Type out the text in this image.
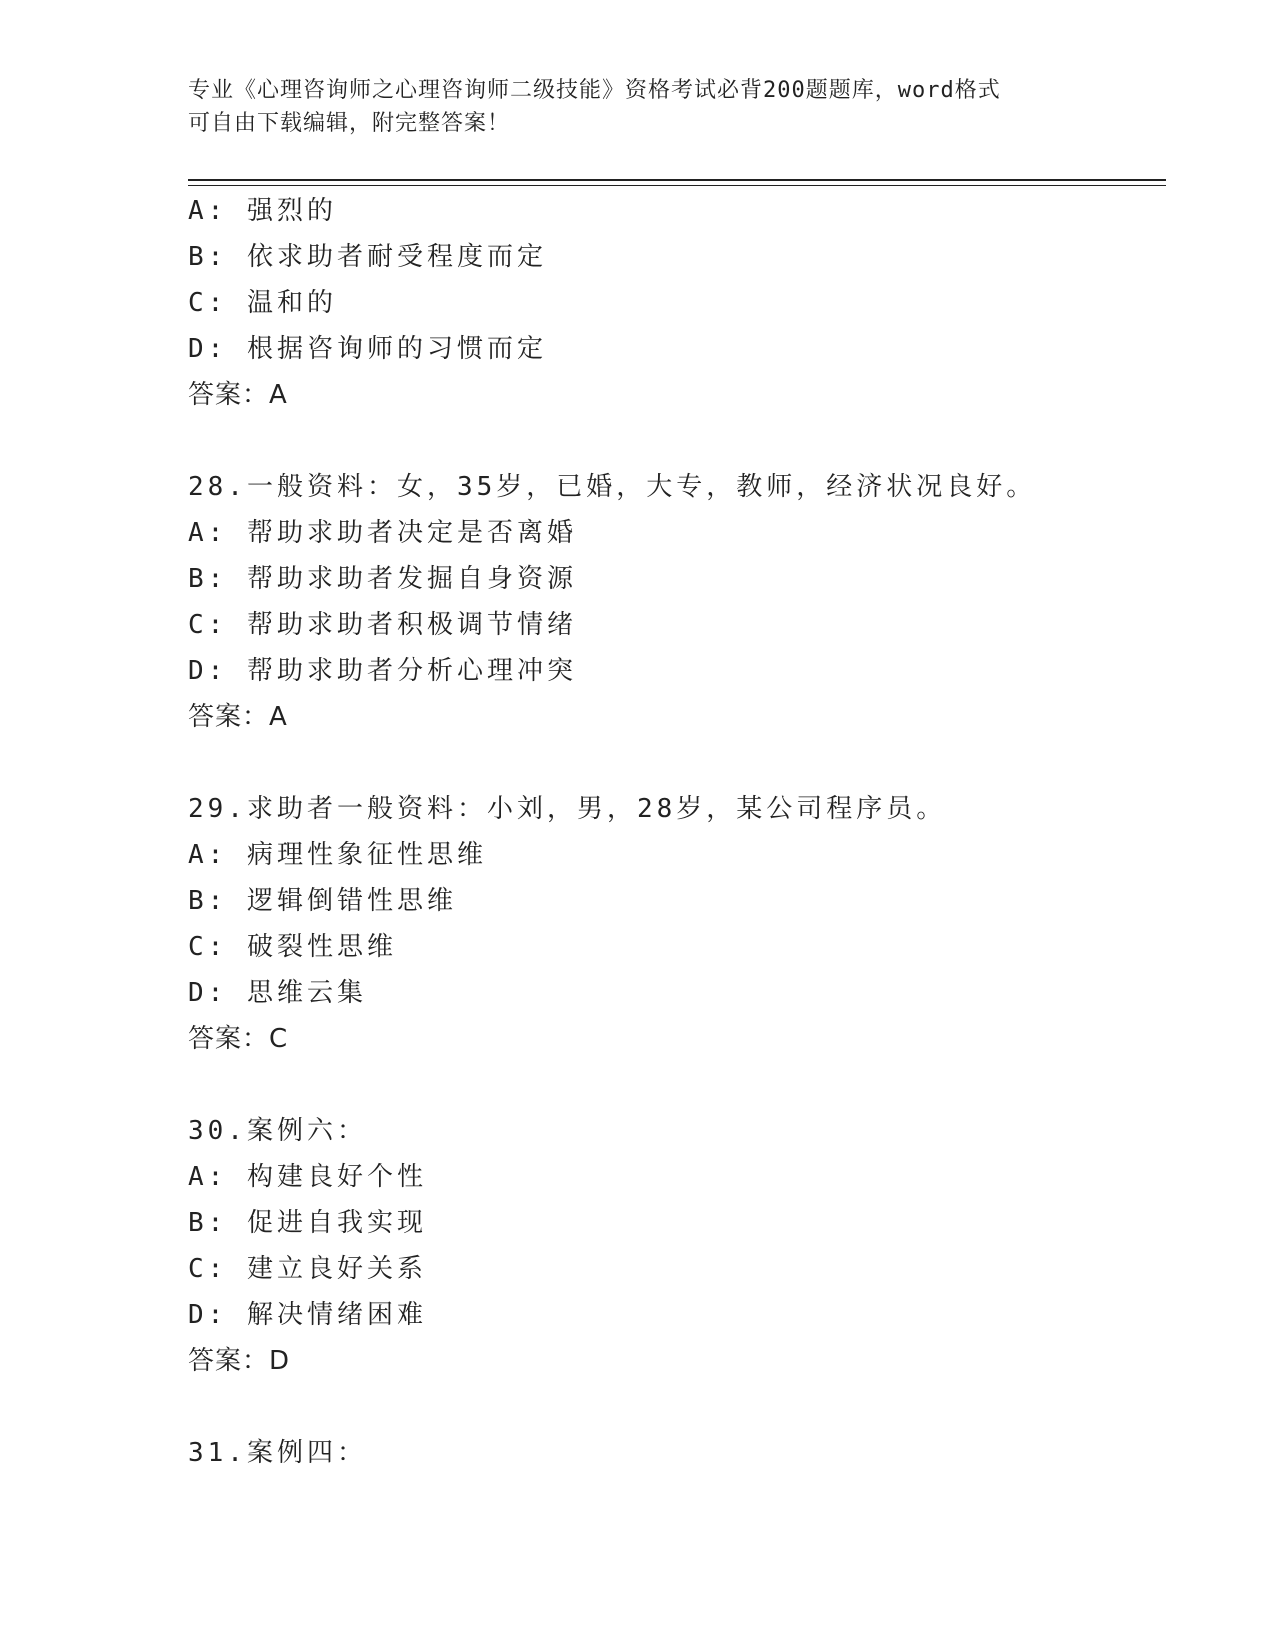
专业《心理咨询师之心理咨询师二级技能》资格考试必背200题题库，word格式
可自由下载编辑，附完整答案！
A: 强烈的
B: 依求助者耐受程度而定
C: 温和的
D: 根据咨询师的习惯而定
答案：A
28.一般资料：女，35岁，已婚，大专，教师，经济状况良好。
A: 帮助求助者决定是否离婚
B: 帮助求助者发掘自身资源
C: 帮助求助者积极调节情绪
D: 帮助求助者分析心理冲突
答案：A
29.求助者一般资料：小刘，男，28岁，某公司程序员。
A: 病理性象征性思维
B: 逻辑倒错性思维
C: 破裂性思维
D: 思维云集
答案：C
30.案例六：
A: 构建良好个性
B: 促进自我实现
C: 建立良好关系
D: 解决情绪困难
答案：D
31.案例四：
